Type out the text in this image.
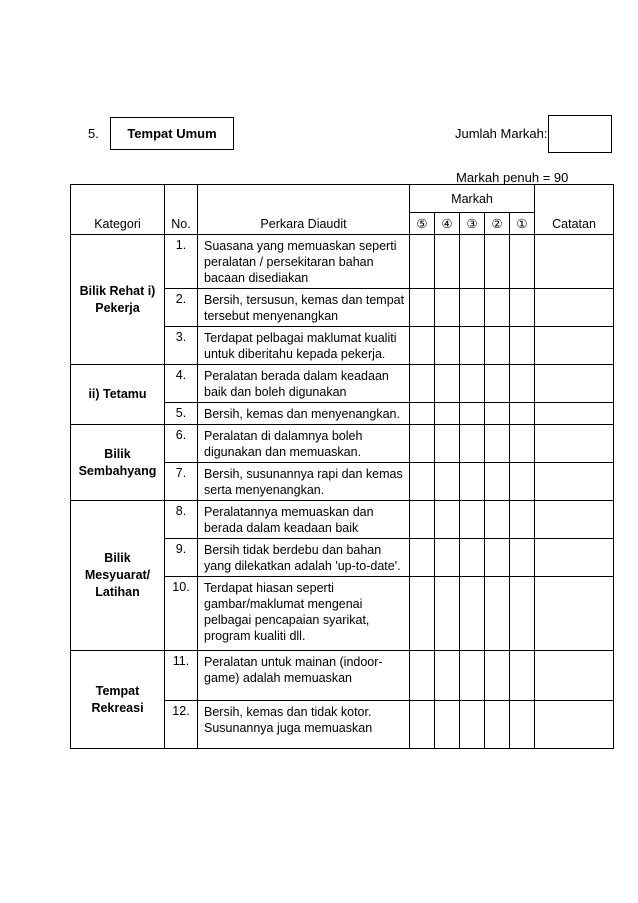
5. Tempat Umum	Jumlah Markah:
Markah penuh = 90
Kategori	No.	Perkara Diaudit	Markah					Catatan
			⑤	④	③	②	①	
Bilik Rehat i) Pekerja	1.	Suasana yang memuaskan seperti peralatan / persekitaran bahan bacaan disediakan						
	2.	Bersih, tersusun, kemas dan tempat tersebut menyenangkan						
	3.	Terdapat pelbagai maklumat kualiti untuk diberitahu kepada pekerja.						
ii) Tetamu	4.	Peralatan berada dalam keadaan baik dan boleh digunakan						
	5.	Bersih, kemas dan menyenangkan.						
Bilik Sembahyang	6.	Peralatan di dalamnya boleh digunakan dan memuaskan.						
	7.	Bersih, susunannya rapi dan kemas serta menyenangkan.						
Bilik Mesyuarat/ Latihan	8.	Peralatannya memuaskan dan berada dalam keadaan baik						
	9.	Bersih tidak berdebu dan bahan yang dilekatkan adalah 'up-to-date'.						
	10.	Terdapat hiasan seperti gambar/maklumat mengenai pelbagai pencapaian syarikat, program kualiti dll.						
Tempat Rekreasi	11.	Peralatan untuk mainan (indoor-game) adalah memuaskan						
	12.	Bersih, kemas dan tidak kotor. Susunannya juga memuaskan						
